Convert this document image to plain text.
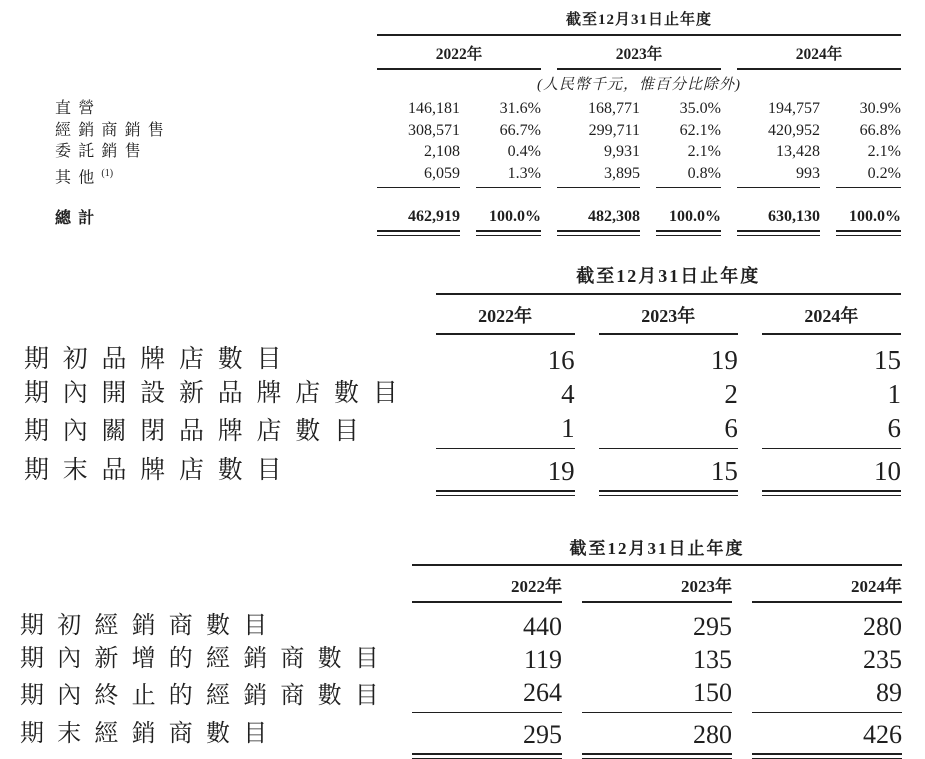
	截至12月31日止年度					
	2022年		2023年		2024年	
	(人民幣千元，惟百分比除外)					
直營	146,181	31.6%	168,771	35.0%	194,757	30.9%
經銷商銷售	308,571	66.7%	299,711	62.1%	420,952	66.8%
委託銷售	2,108	0.4%	9,931	2.1%	13,428	2.1%
其他$^{(1)}$	6,059	1.3%	3,895	0.8%	993	0.2%

總計	462,919	100.0%	482,308	100.0%	630,130	100.0%
	截至12月31日止年度		
	2022年	2023年	2024年
期初品牌店數目	16	19	15
期內開設新品牌店數目	4	2	1
期內關閉品牌店數目	1	6	6
期末品牌店數目	19	15	10
	截至12月31日止年度		
	2022年	2023年	2024年
期初經銷商數目	440	295	280
期內新增的經銷商數目	119	135	235
期內終止的經銷商數目	264	150	89
期末經銷商數目	295	280	426
